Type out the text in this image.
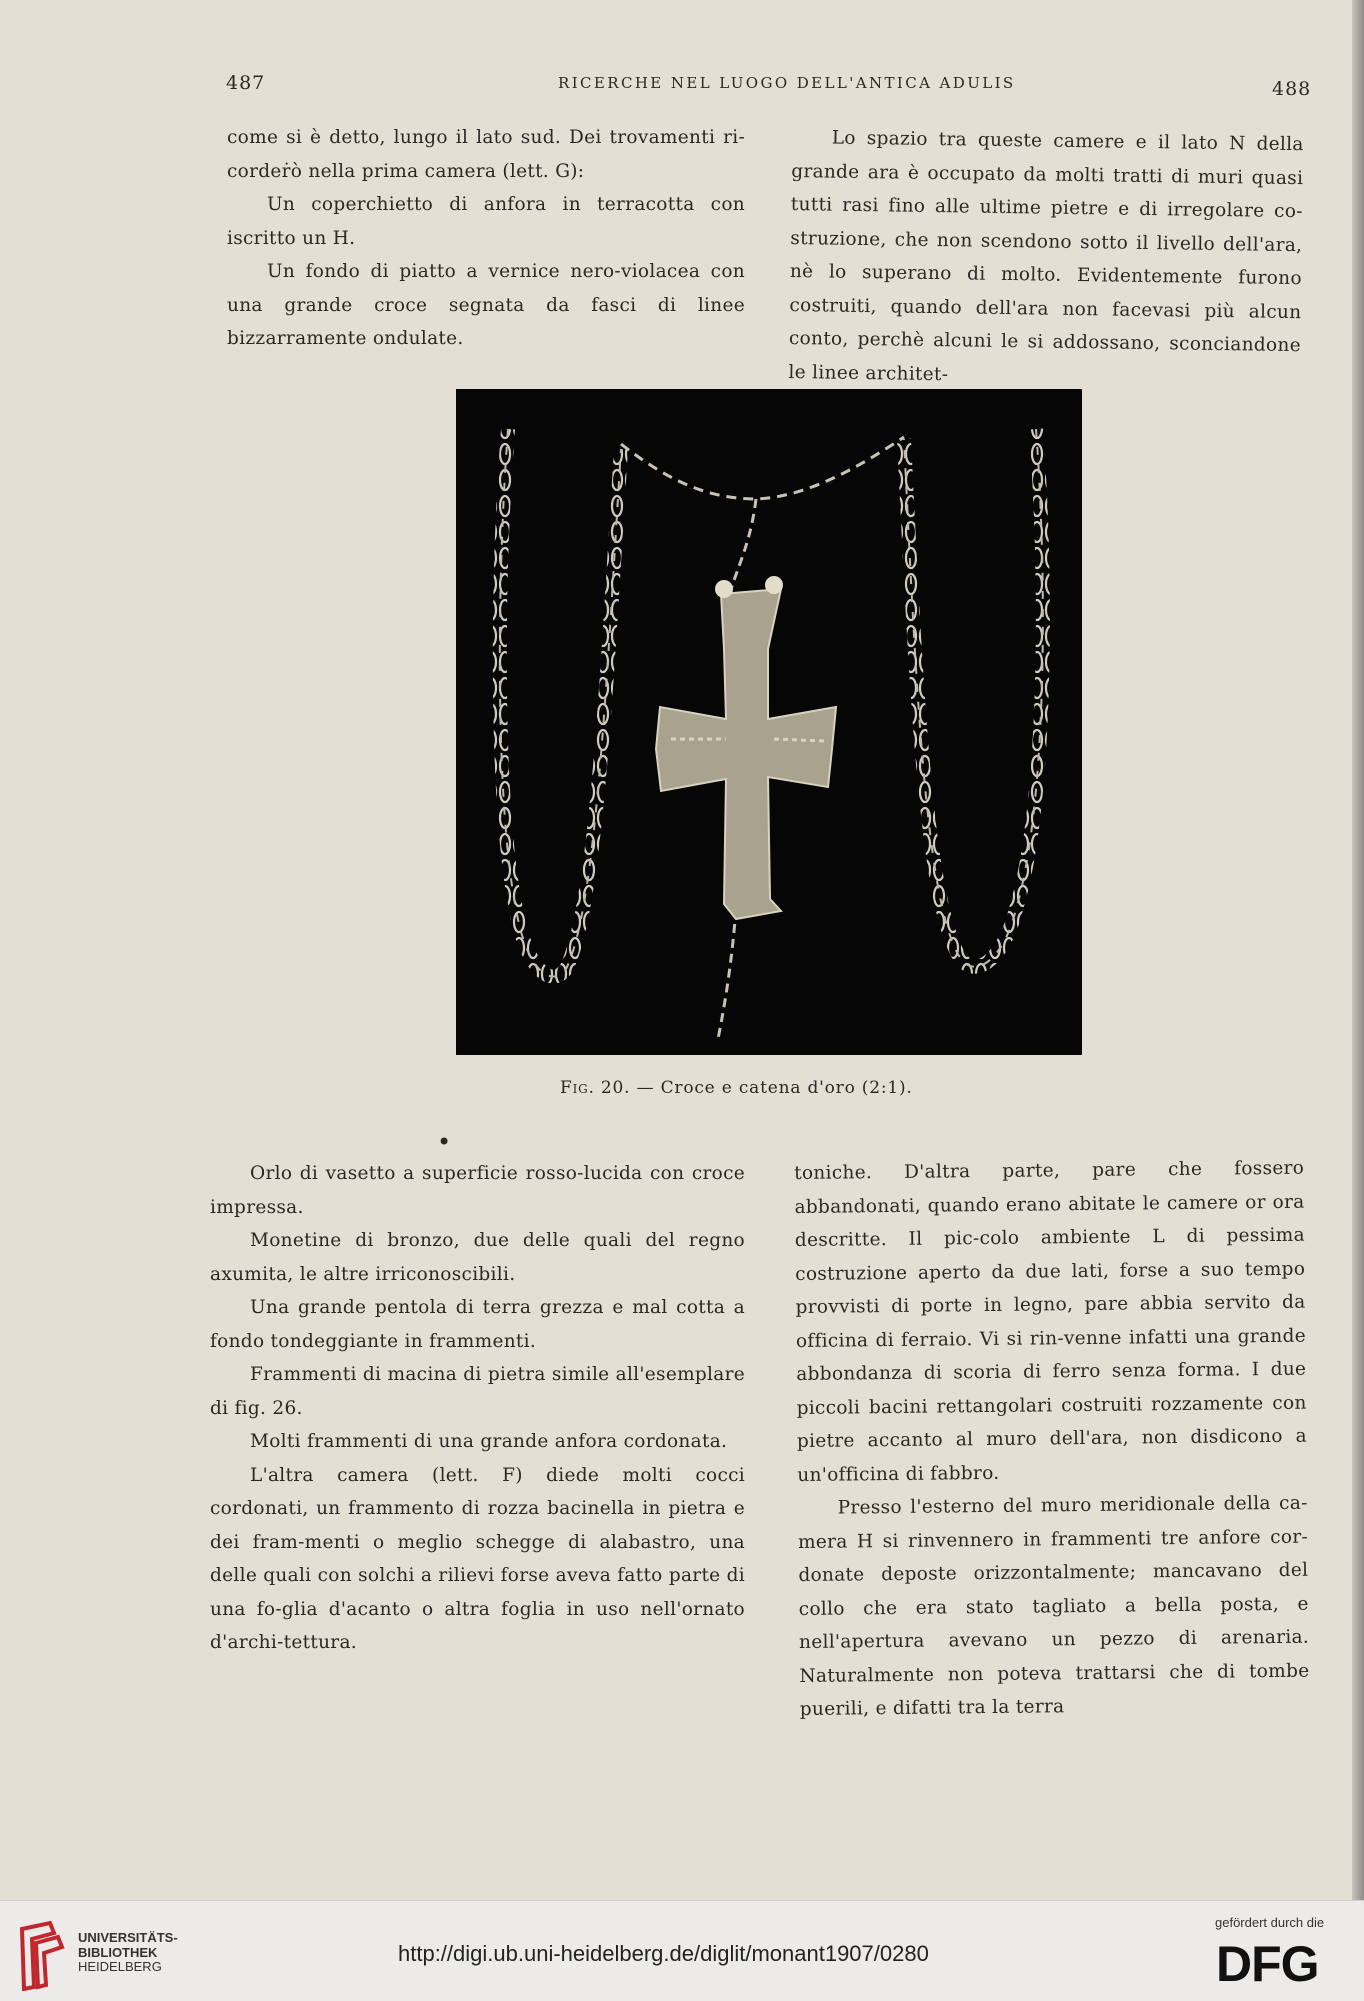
487	RICERCHE NEL LUOGO DELL'ANTICA ADULIS	488

come si è detto, lungo il lato sud. Dei trovamenti ri-cordeṙò nella prima camera (lett. G):

Un coperchietto di anfora in terracotta con iscritto un H.

Un fondo di piatto a vernice nero-violacea con una grande croce segnata da fasci di linee bizzarramente ondulate.

Lo spazio tra queste camere e il lato N della grande ara è occupato da molti tratti di muri quasi tutti rasi fino alle ultime pietre e di irregolare co-struzione, che non scendono sotto il livello dell'ara, nè lo superano di molto. Evidentemente furono costruiti, quando dell'ara non facevasi più alcun conto, perchè alcuni le si addossano, sconciandone le linee architet-

Fig. 20. — Croce e catena d'oro (2:1).
•

Orlo di vasetto a superficie rosso-lucida con croce impressa.

Monetine di bronzo, due delle quali del regno axumita, le altre irriconoscibili.

Una grande pentola di terra grezza e mal cotta a fondo tondeggiante in frammenti.

Frammenti di macina di pietra simile all'esemplare di fig. 26.

Molti frammenti di una grande anfora cordonata.

L'altra camera (lett. F) diede molti cocci cordonati, un frammento di rozza bacinella in pietra e dei fram-menti o meglio schegge di alabastro, una delle quali con solchi a rilievi forse aveva fatto parte di una fo-glia d'acanto o altra foglia in uso nell'ornato d'archi-tettura.

toniche. D'altra parte, pare che fossero abbandonati, quando erano abitate le camere or ora descritte. Il pic-colo ambiente L di pessima costruzione aperto da due lati, forse a suo tempo provvisti di porte in legno, pare abbia servito da officina di ferraio. Vi si rin-venne infatti una grande abbondanza di scoria di ferro senza forma. I due piccoli bacini rettangolari costruiti rozzamente con pietre accanto al muro dell'ara, non disdicono a un'officina di fabbro.

Presso l'esterno del muro meridionale della ca-mera H si rinvennero in frammenti tre anfore cor-donate deposte orizzontalmente; mancavano del collo che era stato tagliato a bella posta, e nell'apertura avevano un pezzo di arenaria. Naturalmente non poteva trattarsi che di tombe puerili, e difatti tra la terra

UNIVERSITÄTS-
BIBLIOTHEK
HEIDELBERG
http://digi.ub.uni-heidelberg.de/diglit/monant1907/0280
gefördert durch die
DFG
